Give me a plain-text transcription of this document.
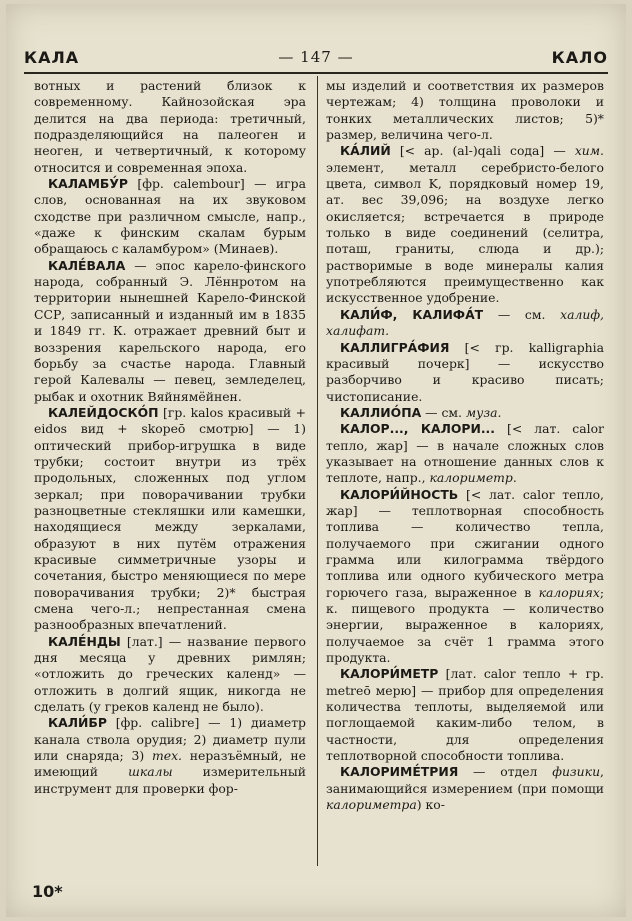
КАЛА	— 147 —	КАЛО

вотных и растений близок к современному. Кайнозойская эра делится на два периода: третичный, подразделяющийся на палеоген и неоген, и четвертичный, к которому относится и современная эпоха.

КАЛАМБУ́Р [фр. calembour] — игра слов, основанная на их звуковом сходстве при различном смысле, напр., «даже к финским скалам бурым обращаюсь с каламбуром» (Минаев).

КАЛЕ́ВАЛА — эпос карело-финского народа, собранный Э. Лённротом на территории нынешней Карело-Финской ССР, записанный и изданный им в 1835 и 1849 гг. К. отражает древний быт и воззрения карельского народа, его борьбу за счастье народа. Главный герой Калевалы — певец, земледелец, рыбак и охотник Вяйнямёйнен.

КАЛЕЙДОСКО́П [гр. kalos красивый + eidos вид + skopeō смотрю] — 1) оптический прибор-игрушка в виде трубки; состоит внутри из трёх продольных, сложенных под углом зеркал; при поворачивании трубки разноцветные стекляшки или камешки, находящиеся между зеркалами, образуют в них путём отражения красивые симметричные узоры и сочетания, быстро меняющиеся по мере поворачивания трубки; 2)* быстрая смена чего-л.; непрестанная смена разнообразных впечатлений.

КАЛЕ́НДЫ [лат.] — название первого дня месяца у древних римлян; «отложить до греческих календ» — отложить в долгий ящик, никогда не сделать (у греков календ не было).

КАЛИ́БР [фр. calibre] — 1) диаметр канала ствола орудия; 2) диаметр пули или снаряда; 3) тех. неразъёмный, не имеющий шкалы измерительный инструмент для проверки фор-

мы изделий и соответствия их размеров чертежам; 4) толщина проволоки и тонких металлических листов; 5)* размер, величина чего-л.

КА́ЛИЙ [< ар. (al-)qali сода] — хим. элемент, металл серебристо-белого цвета, символ K, порядковый номер 19, ат. вес 39,096; на воздухе легко окисляется; встречается в природе только в виде соединений (селитра, поташ, граниты, слюда и др.); растворимые в воде минералы калия употребляются преимущественно как искусственное удобрение.

КАЛИ́Ф, КАЛИФА́Т — см. халиф, халифат.

КАЛЛИГРА́ФИЯ [< гр. kalligraphia красивый почерк] — искусство разборчиво и красиво писать; чистописание.

КАЛЛИО́ПА — см. муза.

КАЛОР..., КАЛОРИ... [< лат. calor тепло, жар] — в начале сложных слов указывает на отношение данных слов к теплоте, напр., калориметр.

КАЛОРИ́ЙНОСТЬ [< лат. calor тепло, жар] — теплотворная способность топлива — количество тепла, получаемого при сжигании одного грамма или килограмма твёрдого топлива или одного кубического метра горючего газа, выраженное в калориях; к. пищевого продукта — количество энергии, выраженное в калориях, получаемое за счёт 1 грамма этого продукта.

КАЛОРИ́МЕТР [лат. calor тепло + гр. metreō мерю] — прибор для определения количества теплоты, выделяемой или поглощаемой каким-либо телом, в частности, для определения теплотворной способности топлива.

КАЛОРИМЕ́ТРИЯ — отдел физики, занимающийся измерением (при помощи калориметра) ко-

10*
